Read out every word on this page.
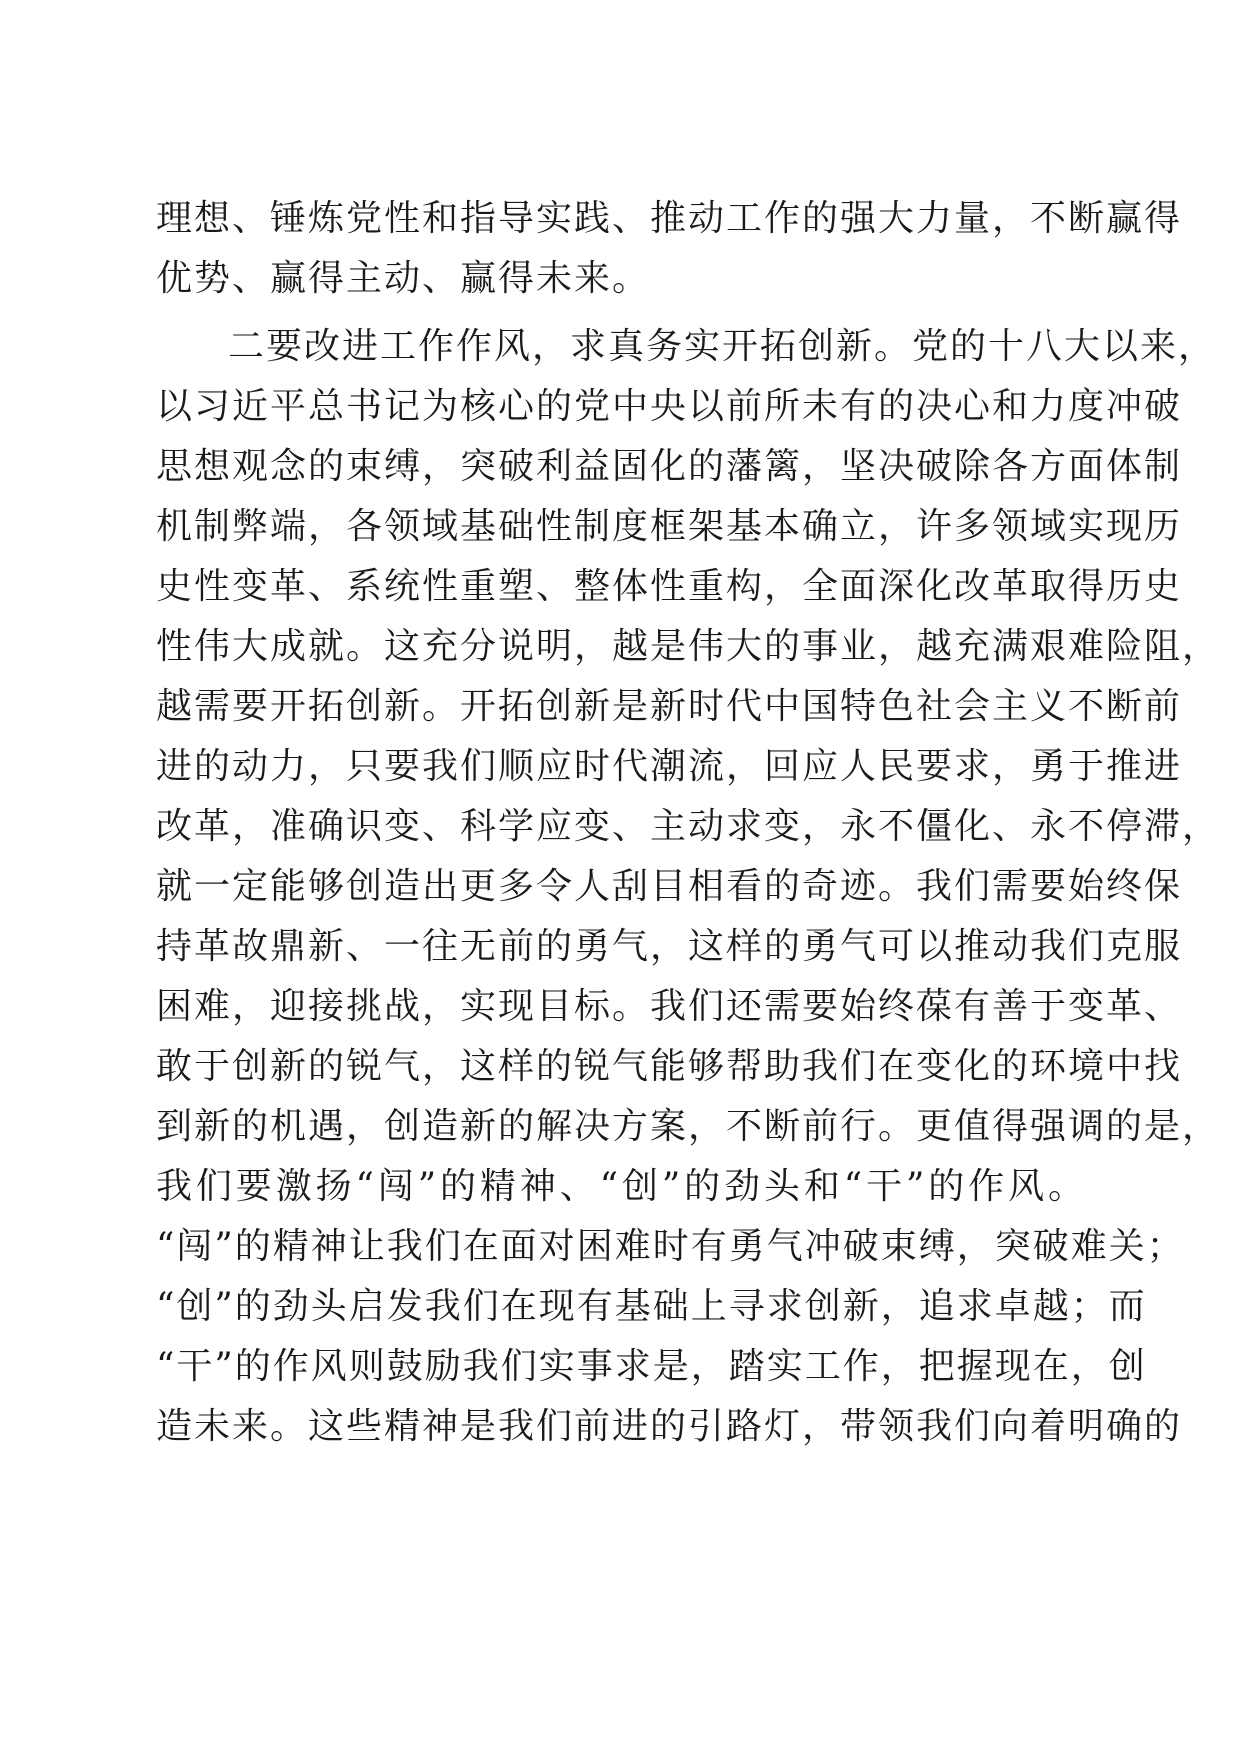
理想、锤炼党性和指导实践、推动工作的强大力量，不断赢得
优势、赢得主动、赢得未来。
二要改进工作作风，求真务实开拓创新。党的十八大以来，
以习近平总书记为核心的党中央以前所未有的决心和力度冲破
思想观念的束缚，突破利益固化的藩篱，坚决破除各方面体制
机制弊端，各领域基础性制度框架基本确立，许多领域实现历
史性变革、系统性重塑、整体性重构，全面深化改革取得历史
性伟大成就。这充分说明，越是伟大的事业，越充满艰难险阻，
越需要开拓创新。开拓创新是新时代中国特色社会主义不断前
进的动力，只要我们顺应时代潮流，回应人民要求，勇于推进
改革，准确识变、科学应变、主动求变，永不僵化、永不停滞，
就一定能够创造出更多令人刮目相看的奇迹。我们需要始终保
持革故鼎新、一往无前的勇气，这样的勇气可以推动我们克服
困难，迎接挑战，实现目标。我们还需要始终葆有善于变革、
敢于创新的锐气，这样的锐气能够帮助我们在变化的环境中找
到新的机遇，创造新的解决方案，不断前行。更值得强调的是，
我们要激扬“闯”的精神、“创”的劲头和“干”的作风。
“闯”的精神让我们在面对困难时有勇气冲破束缚，突破难关；
“创”的劲头启发我们在现有基础上寻求创新，追求卓越；而
“干”的作风则鼓励我们实事求是，踏实工作，把握现在，创
造未来。这些精神是我们前进的引路灯，带领我们向着明确的
